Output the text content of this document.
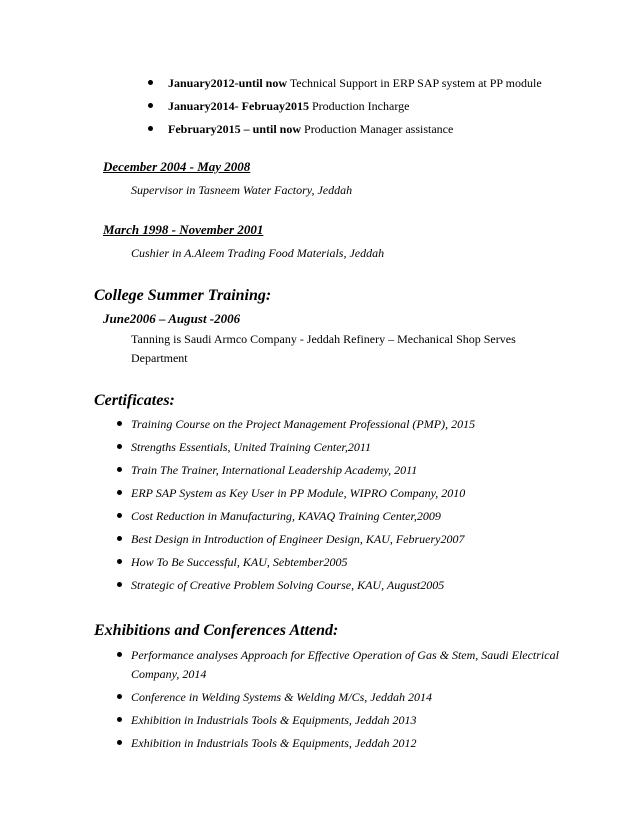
January2012-until now Technical Support in ERP SAP system at PP module
January2014- Februay2015 Production Incharge
February2015 – until now Production Manager assistance
December 2004 - May 2008
Supervisor in Tasneem Water Factory, Jeddah
March 1998 - November 2001
Cushier in A.Aleem Trading Food Materials, Jeddah
College Summer Training:
June2006 – August -2006
Tanning is Saudi Armco Company - Jeddah Refinery – Mechanical Shop Serves
Department
Certificates:
Training Course on the Project Management Professional (PMP), 2015
Strengths Essentials, United Training Center,2011
Train The Trainer, International Leadership Academy, 2011
ERP SAP System as Key User in PP Module, WIPRO Company, 2010
Cost Reduction in Manufacturing, KAVAQ Training Center,2009
Best Design in Introduction of Engineer Design, KAU, Februery2007
How To Be Successful, KAU, Sebtember2005
Strategic of Creative Problem Solving Course, KAU, August2005
Exhibitions and Conferences Attend:
Performance analyses Approach for Effective Operation of Gas & Stem, Saudi Electrical
Company, 2014
Conference in Welding Systems & Welding M/Cs, Jeddah 2014
Exhibition in Industrials Tools & Equipments, Jeddah 2013
Exhibition in Industrials Tools & Equipments, Jeddah 2012
